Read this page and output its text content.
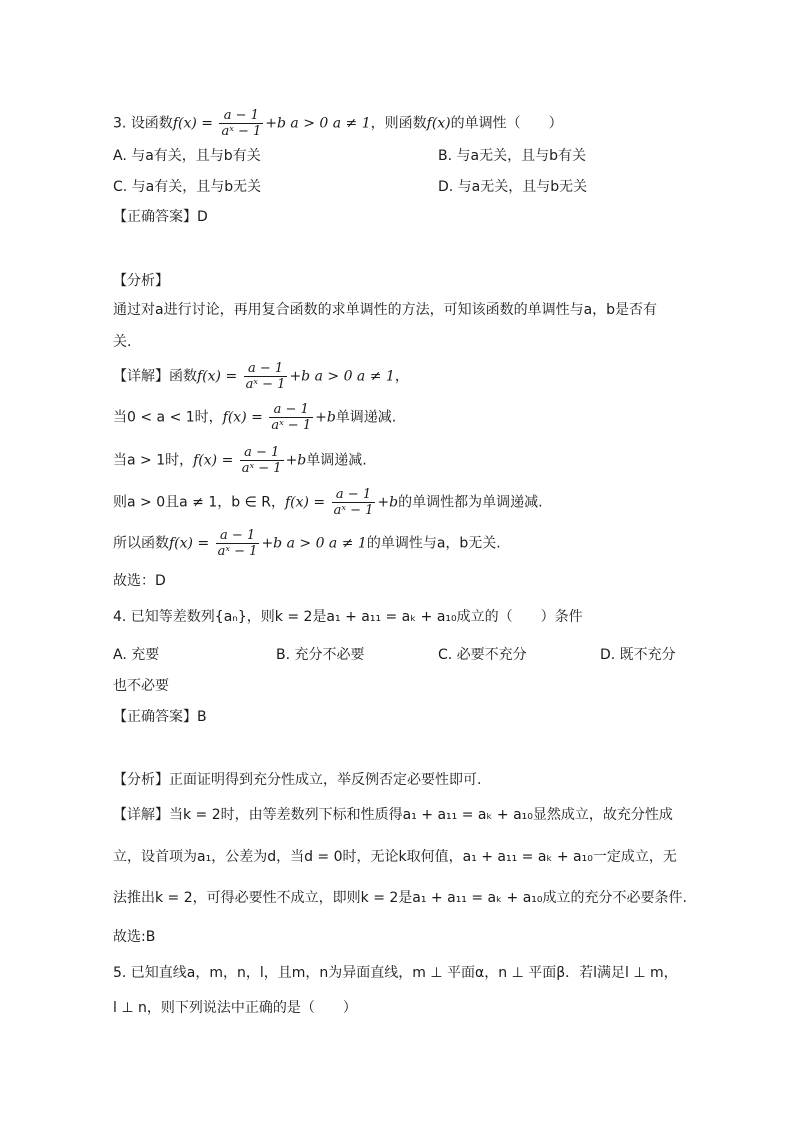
3. 设函数$f(x) = \frac{a - 1}{\text{aˣ − 1}} +b$ a > 0 a ≠ 1，则函数f(x)的单调性（　　）
A. 与a有关，且与b有关	B. 与a无关，且与b有关
C. 与a有关，且与b无关	D. 与a无关，且与b无关
【正确答案】D
【分析】
通过对a进行讨论，再用复合函数的求单调性的方法，可知该函数的单调性与a，b是否有
关.
【详解】函数$f(x) = \frac{a - 1}{\text{aˣ − 1}} +b$ a > 0 a ≠ 1，
当0 < a < 1时，$f(x) = \frac{a - 1}{\text{aˣ − 1}} +b$单调递减.
当a > 1时，$f(x) = \frac{a - 1}{\text{aˣ − 1}} +b$单调递减.
则a > 0且a ≠ 1，b ∈ R，$f(x) = \frac{a - 1}{\text{aˣ − 1}} +b$的单调性都为单调递减.
所以函数$f(x) = \frac{a - 1}{\text{aˣ − 1}} +b$ a > 0 a ≠ 1的单调性与a，b无关.
故选：D
4. 已知等差数列{aₙ}，则k = 2是a₁ + a₁₁ = aₖ + a₁₀成立的（　　）条件
A. 充要	B. 充分不必要	C. 必要不充分	D. 既不充分
也不必要
【正确答案】B
【分析】正面证明得到充分性成立，举反例否定必要性即可.
【详解】当k = 2时，由等差数列下标和性质得a₁ + a₁₁ = aₖ + a₁₀显然成立，故充分性成
立，设首项为a₁，公差为d，当d = 0时，无论k取何值，a₁ + a₁₁ = aₖ + a₁₀一定成立，无
法推出k = 2，可得必要性不成立，即则k = 2是a₁ + a₁₁ = aₖ + a₁₀成立的充分不必要条件.
故选:B
5. 已知直线a，m，n，l，且m，n为异面直线，m ⊥ 平面α，n ⊥ 平面β．若l满足l ⊥ m，
l ⊥ n，则下列说法中正确的是（　　）
